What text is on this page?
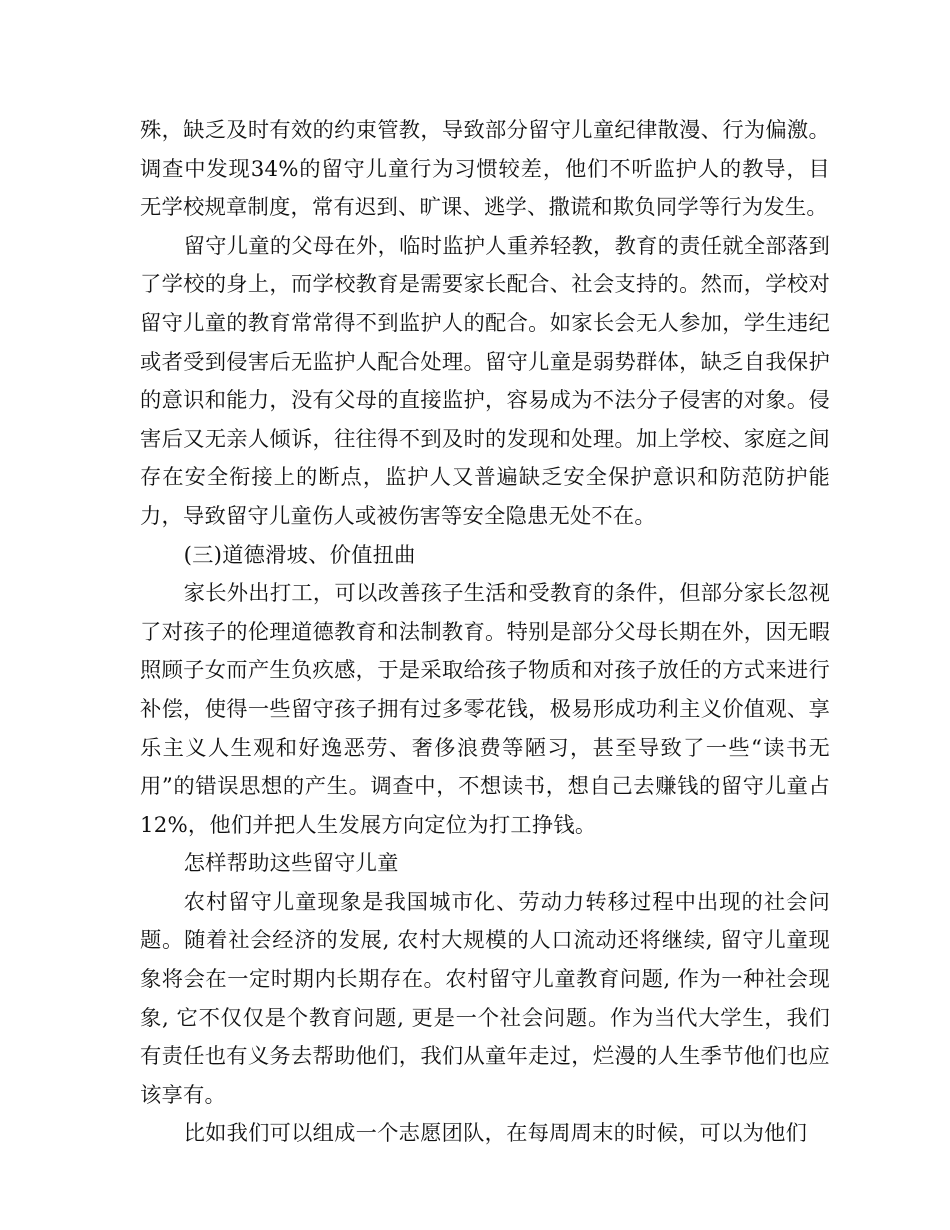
殊，缺乏及时有效的约束管教，导致部分留守儿童纪律散漫、行为偏激。调查中发现34%的留守儿童行为习惯较差，他们不听监护人的教导，目无学校规章制度，常有迟到、旷课、逃学、撒谎和欺负同学等行为发生。

留守儿童的父母在外，临时监护人重养轻教，教育的责任就全部落到了学校的身上，而学校教育是需要家长配合、社会支持的。然而，学校对留守儿童的教育常常得不到监护人的配合。如家长会无人参加，学生违纪或者受到侵害后无监护人配合处理。留守儿童是弱势群体，缺乏自我保护的意识和能力，没有父母的直接监护，容易成为不法分子侵害的对象。侵害后又无亲人倾诉，往往得不到及时的发现和处理。加上学校、家庭之间存在安全衔接上的断点，监护人又普遍缺乏安全保护意识和防范防护能力，导致留守儿童伤人或被伤害等安全隐患无处不在。

(三)道德滑坡、价值扭曲

家长外出打工，可以改善孩子生活和受教育的条件，但部分家长忽视了对孩子的伦理道德教育和法制教育。特别是部分父母长期在外，因无暇照顾子女而产生负疚感，于是采取给孩子物质和对孩子放任的方式来进行补偿，使得一些留守孩子拥有过多零花钱，极易形成功利主义价值观、享乐主义人生观和好逸恶劳、奢侈浪费等陋习，甚至导致了一些“读书无用”的错误思想的产生。调查中，不想读书，想自己去赚钱的留守儿童占12%，他们并把人生发展方向定位为打工挣钱。

怎样帮助这些留守儿童

农村留守儿童现象是我国城市化、劳动力转移过程中出现的社会问题。随着社会经济的发展, 农村大规模的人口流动还将继续, 留守儿童现象将会在一定时期内长期存在。农村留守儿童教育问题, 作为一种社会现象, 它不仅仅是个教育问题, 更是一个社会问题。作为当代大学生，我们有责任也有义务去帮助他们，我们从童年走过，烂漫的人生季节他们也应该享有。

比如我们可以组成一个志愿团队，在每周周末的时候，可以为他们
